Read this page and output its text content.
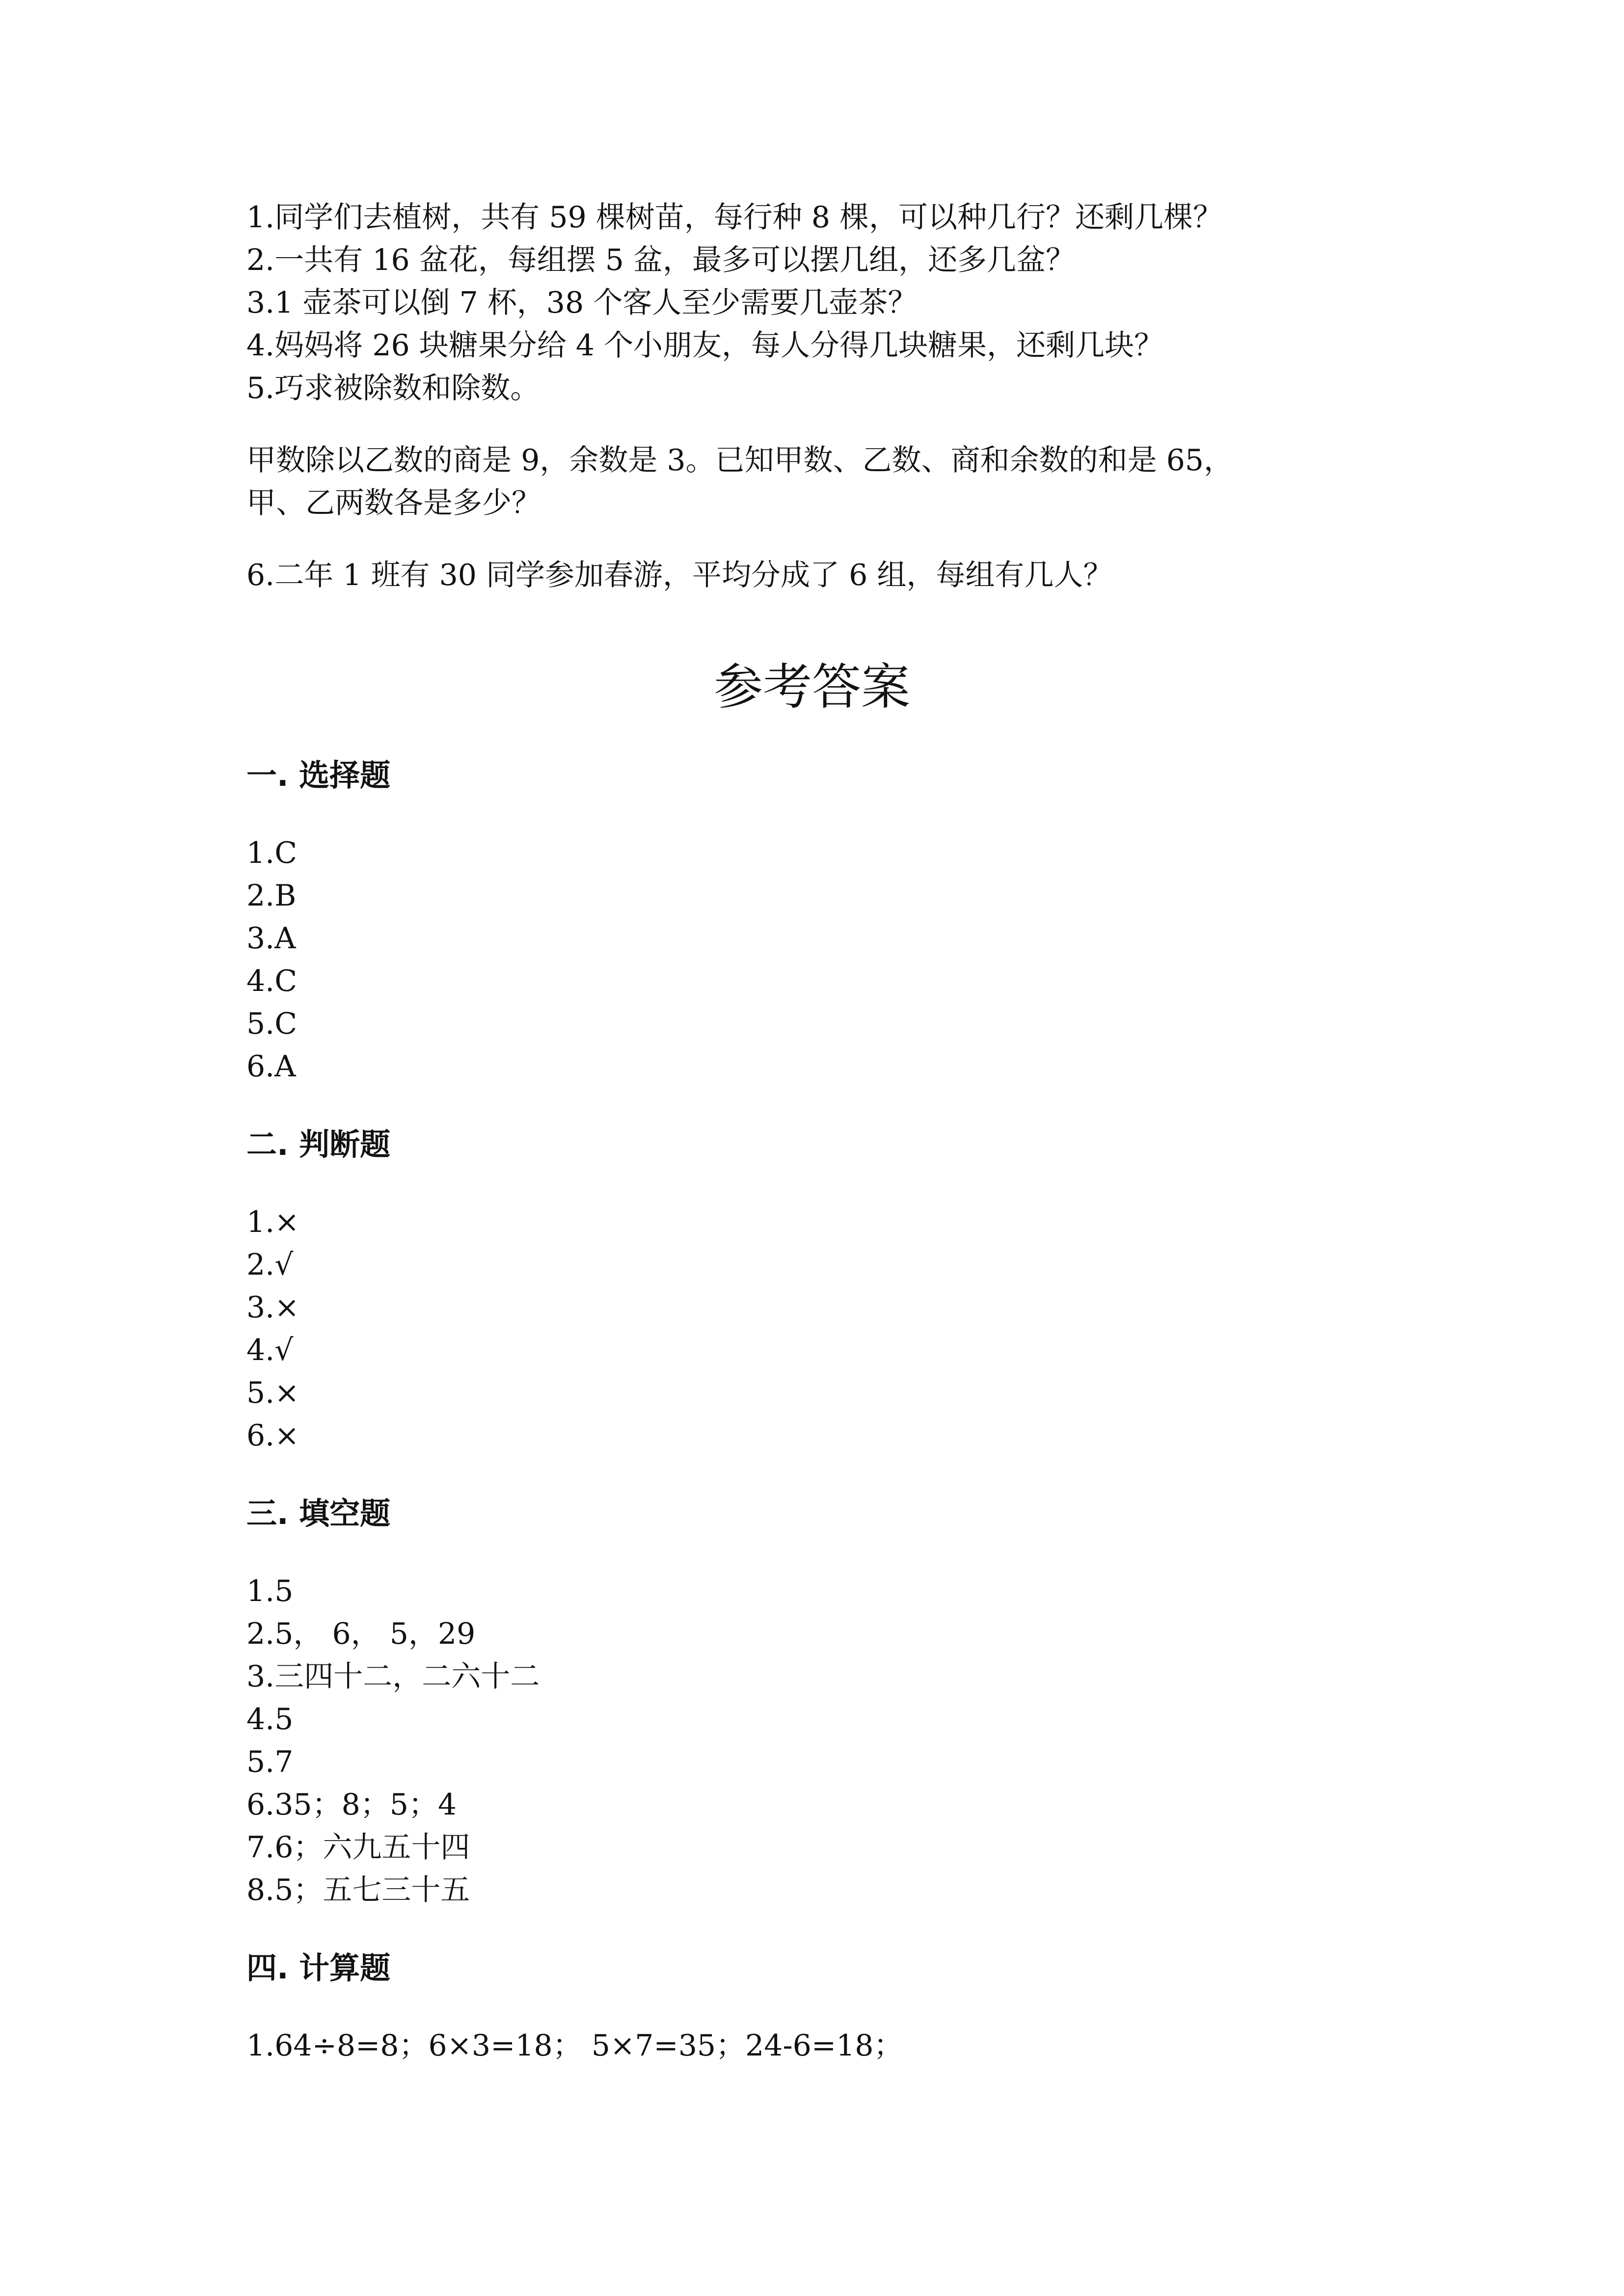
1.同学们去植树，共有 59 棵树苗，每行种 8 棵，可以种几行？还剩几棵？

2.一共有 16 盆花，每组摆 5 盆，最多可以摆几组，还多几盆？

3.1 壶茶可以倒 7 杯，38 个客人至少需要几壶茶？

4.妈妈将 26 块糖果分给 4 个小朋友，每人分得几块糖果，还剩几块？

5.巧求被除数和除数。

甲数除以乙数的商是 9，余数是 3。已知甲数、乙数、商和余数的和是 65，

甲、乙两数各是多少？

6.二年 1 班有 30 同学参加春游，平均分成了 6 组，每组有几人？

参考答案

一. 选择题

1.C

2.B

3.A

4.C

5.C

6.A

二. 判断题

1.×

2.√

3.×

4.√

5.×

6.×

三. 填空题

1.5

2.5， 6， 5，29

3.三四十二，二六十二

4.5

5.7

6.35；8；5；4

7.6；六九五十四

8.5；五七三十五

四. 计算题

1.64÷8=8；6×3=18； 5×7=35；24-6=18；
